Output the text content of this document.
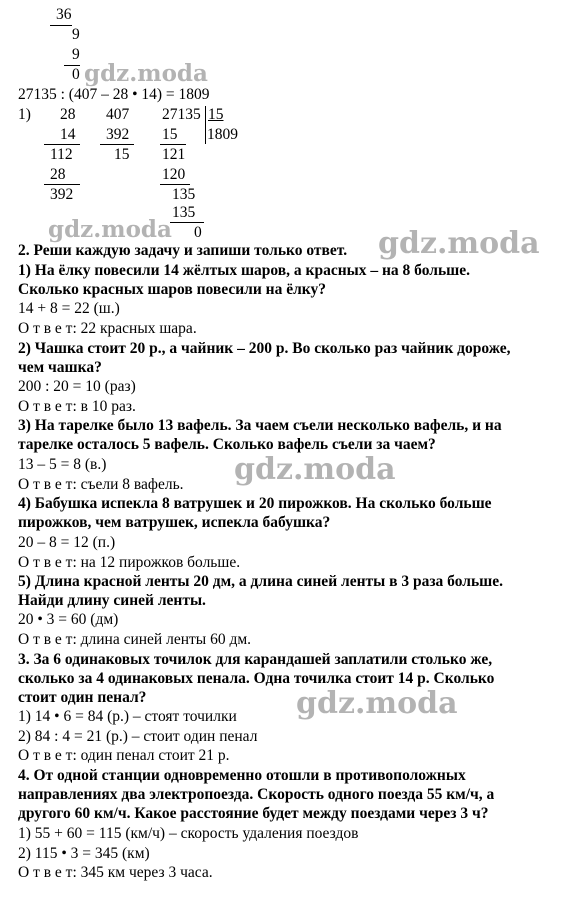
36
9
9
0 gdz.moda
27135 : (407 – 28 • 14) = 1809
1) 28
14
112
28
392
407
392
15
27135 15
1809
15
121
120
135
135
0
gdz.moda
2. Реши каждую задачу и запиши только ответ. gdz.moda
1) На ёлку повесили 14 жёлтых шаров, а красных – на 8 больше.
Сколько красных шаров повесили на ёлку?
14 + 8 = 22 (ш.)
О т в е т: 22 красных шара.
2) Чашка стоит 20 р., а чайник – 200 р. Во сколько раз чайник дороже,
чем чашка?
200 : 20 = 10 (раз)
О т в е т: в 10 раз.
3) На тарелке было 13 вафель. За чаем съели несколько вафель, и на
тарелке осталось 5 вафель. Сколько вафель съели за чаем?
13 – 5 = 8 (в.)
О т в е т: съели 8 вафель. gdz.moda
4) Бабушка испекла 8 ватрушек и 20 пирожков. На сколько больше
пирожков, чем ватрушек, испекла бабушка?
20 – 8 = 12 (п.)
О т в е т: на 12 пирожков больше.
5) Длина красной ленты 20 дм, а длина синей ленты в 3 раза больше.
Найди длину синей ленты.
20 • 3 = 60 (дм)
О т в е т: длина синей ленты 60 дм.
3. За 6 одинаковых точилок для карандашей заплатили столько же,
сколько за 4 одинаковых пенала. Одна точилка стоит 14 р. Сколько
стоит один пенал?	gdz.moda
1) 14 • 6 = 84 (р.) – стоят точилки
2) 84 : 4 = 21 (р.) – стоит один пенал
О т в е т: один пенал стоит 21 р.
4. От одной станции одновременно отошли в противоположных
направлениях два электропоезда. Скорость одного поезда 55 км/ч, а
другого 60 км/ч. Какое расстояние будет между поездами через 3 ч?
1) 55 + 60 = 115 (км/ч) – скорость удаления поездов
2) 115 • 3 = 345 (км)
О т в е т: 345 км через 3 часа.
